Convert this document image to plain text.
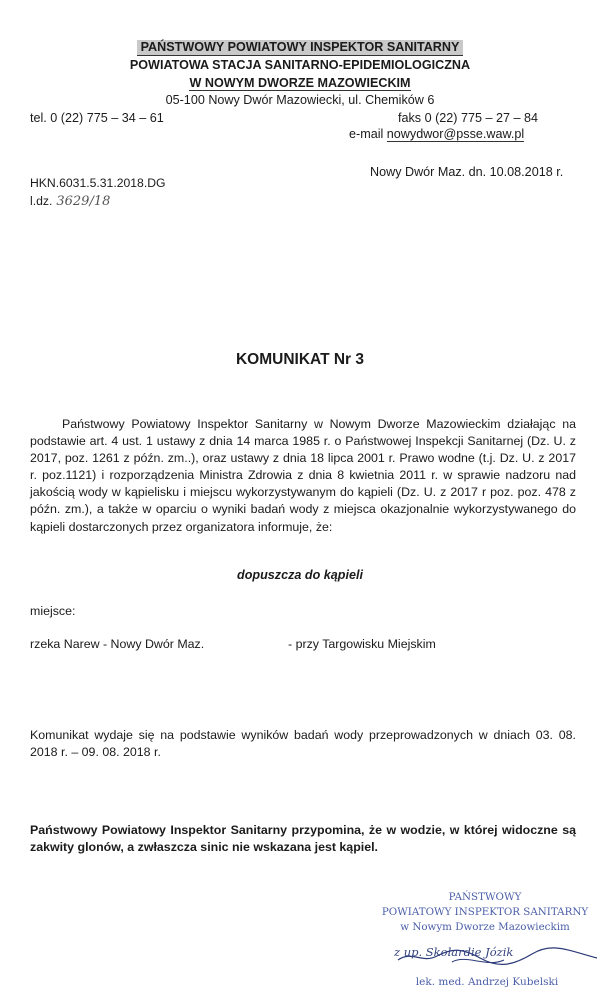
PAŃSTWOWY POWIATOWY INSPEKTOR SANITARNY
POWIATOWA STACJA SANITARNO-EPIDEMIOLOGICZNA
W NOWYM DWORZE MAZOWIECKIM
05-100 Nowy Dwór Mazowiecki, ul. Chemików 6
tel. 0 (22) 775 – 34 – 61	faks 0 (22) 775 – 27 – 84
e-mail nowydwor@psse.waw.pl
Nowy Dwór Maz. dn. 10.08.2018 r.
HKN.6031.5.31.2018.DG
l.dz. 3629/18
KOMUNIKAT Nr 3

Państwowy Powiatowy Inspektor Sanitarny w Nowym Dworze Mazowieckim działając na podstawie art. 4 ust. 1 ustawy z dnia 14 marca 1985 r. o Państwowej Inspekcji Sanitarnej (Dz. U. z 2017, poz. 1261 z późn. zm..), oraz ustawy z dnia 18 lipca 2001 r. Prawo wodne (t.j. Dz. U. z 2017 r. poz.1121) i rozporządzenia Ministra Zdrowia z dnia 8 kwietnia 2011 r. w sprawie nadzoru nad jakością wody w kąpielisku i miejscu wykorzystywanym do kąpieli (Dz. U. z 2017 r poz. poz. 478 z późn. zm.), a także w oparciu o wyniki badań wody z miejsca okazjonalnie wykorzystywanego do kąpieli dostarczonych przez organizatora informuje, że:

dopuszcza do kąpieli
miejsce:
rzeka Narew - Nowy Dwór Maz.	- przy Targowisku Miejskim

Komunikat wydaje się na podstawie wyników badań wody przeprowadzonych w dniach 03. 08. 2018 r. – 09. 08. 2018 r.

Państwowy Powiatowy Inspektor Sanitarny przypomina, że w wodzie, w której widoczne są zakwity glonów, a zwłaszcza sinic nie wskazana jest kąpiel.

PAŃSTWOWY
POWIATOWY INSPEKTOR SANITARNY
w Nowym Dworze Mazowieckim
z up. Skolardie Józik
lek. med. Andrzej Kubelski
